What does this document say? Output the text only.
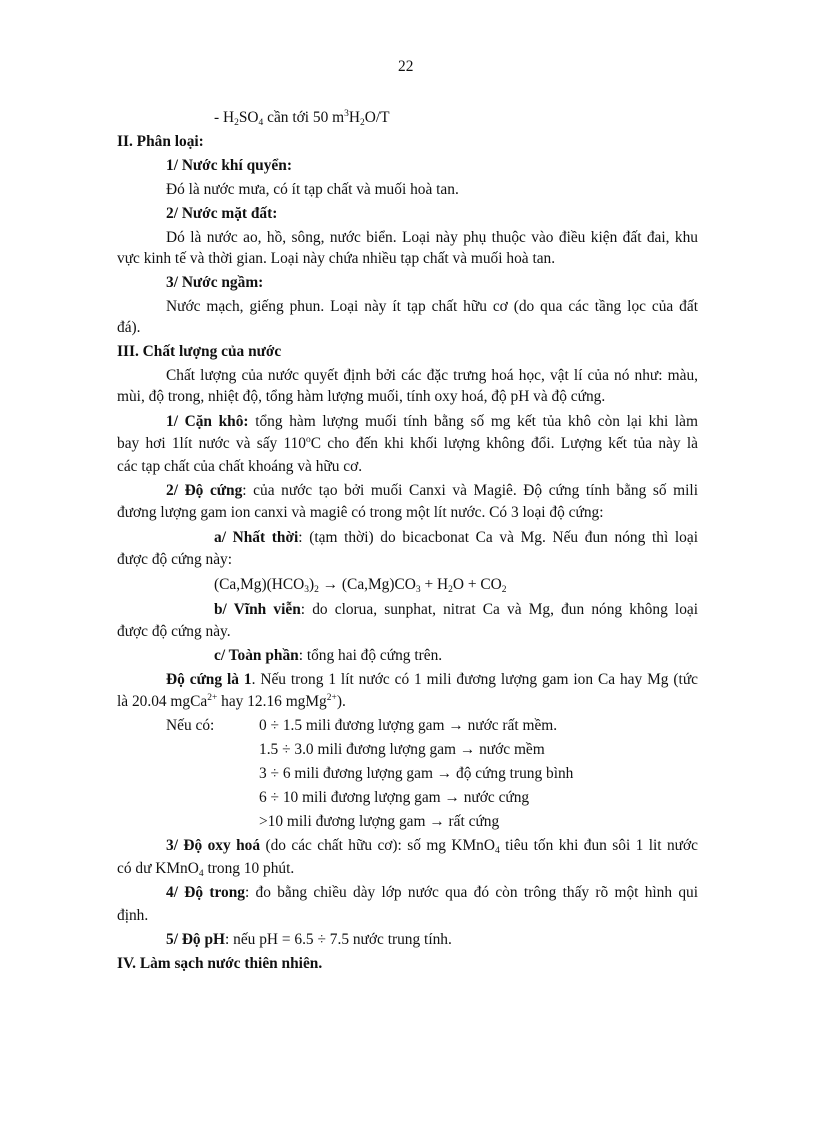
22
- $H_2SO_4$ cần tới 50 $m^3H_2O/T$
II. Phân loại:
1/ Nước khí quyển:
Đó là nước mưa, có ít tạp chất và muối hoà tan.
2/ Nước mặt đất:
Dó là nước ao, hồ, sông, nước biển. Loại này phụ thuộc vào điều kiện đất đai, khu
vực kinh tế và thời gian. Loại này chứa nhiều tạp chất và muối hoà tan.
3/ Nước ngầm:
Nước mạch, giếng phun. Loại này ít tạp chất hữu cơ (do qua các tầng lọc của đất
đá).
III. Chất lượng của nước
Chất lượng của nước quyết định bởi các đặc trưng hoá học, vật lí của nó như: màu,
mùi, độ trong, nhiệt độ, tổng hàm lượng muối, tính oxy hoá, độ pH và độ cứng.
1/ Cặn khô: tổng hàm lượng muối tính bằng số mg kết tủa khô còn lại khi làm
bay hơi 1lít nước và sấy 110$^o$C cho đến khi khối lượng không đổi. Lượng kết tủa này là
các tạp chất của chất khoáng và hữu cơ.
2/ Độ cứng: của nước tạo bởi muối Canxi và Magiê. Độ cứng tính bằng số mili
đương lượng gam ion canxi và magiê có trong một lít nước. Có 3 loại độ cứng:
a/ Nhất thời: (tạm thời) do bicacbonat Ca và Mg. Nếu đun nóng thì loại
được độ cứng này:
$(Ca,Mg)(HCO_3)_2 \to (Ca,Mg)CO_3 + H_2O + CO_2$
b/ Vĩnh viễn: do clorua, sunphat, nitrat Ca và Mg, đun nóng không loại
được độ cứng này.
c/ Toàn phần: tổng hai độ cứng trên.
Độ cứng là 1. Nếu trong 1 lít nước có 1 mili đương lượng gam ion Ca hay Mg (tức
là 20.04 mgCa$^{2+}$ hay 12.16 mgMg$^{2+}$).
Nếu có:	0 ÷ 1.5 mili đương lượng gam → nước rất mềm.
1.5 ÷ 3.0 mili đương lượng gam → nước mềm
3 ÷ 6 mili đương lượng gam → độ cứng trung bình
6 ÷ 10 mili đương lượng gam → nước cứng
>10 mili đương lượng gam → rất cứng
3/ Độ oxy hoá (do các chất hữu cơ): số mg KMnO$_4$ tiêu tốn khi đun sôi 1 lit nước
có dư KMnO$_4$ trong 10 phút.
4/ Độ trong: đo bằng chiều dày lớp nước qua đó còn trông thấy rõ một hình qui
định.
5/ Độ pH: nếu pH = 6.5 ÷ 7.5 nước trung tính.
IV. Làm sạch nước thiên nhiên.
